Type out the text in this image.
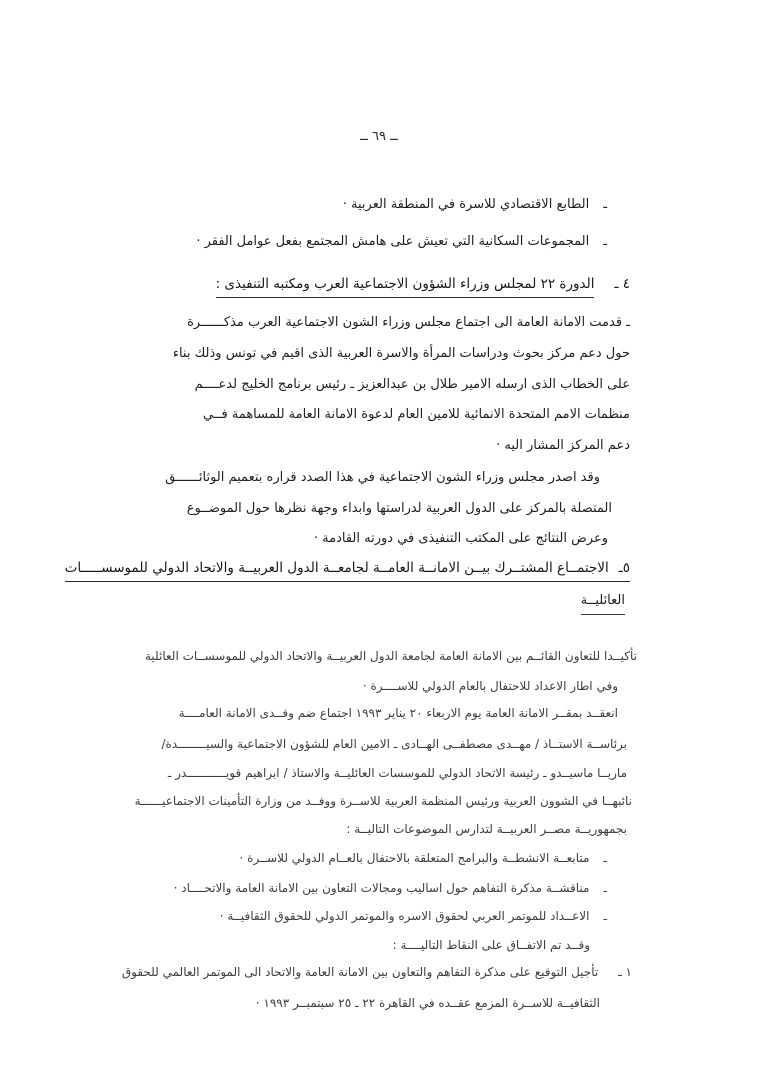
ــ ٦٩ ــ
ـ
الطابع الاقتصادي للاسرة في المنطقة العربية ·
ـ
المجموعات السكانية التي تعيش على هامش المجتمع بفعل عوامل الفقر ·
٤ ـ
الدورة ٢٢ لمجلس وزراء الشؤون الاجتماعية العرب ومكتبه التنفيذى :
ـ قدمت الامانة العامة الى اجتماع مجلس وزراء الشون الاجتماعية العرب مذكــــــرة
حول دعم مركز بحوث ودراسات المرأة والاسرة العربية الذى اقيم في تونس وذلك بناء
على الخطاب الذى ارسله الامير طلال بن عبدالعزيز ـ رئيس برنامج الخليج لدعــــم
منظمات الامم المتحدة الانمائية للامين العام لدعوة الامانة العامة للمساهمة فــي
دعم المركز المشار اليه ·
وقد اصدر مجلس وزراء الشون الاجتماعية في هذا الصدد قراره بتعميم الوثائــــــق
المتصلة بالمركز على الدول العربية لدراستها وابداء وجهة نظرها حول الموضــوع
وعرض النتائج على المكتب التنفيذى في دورته القادمة ·
٥ـ
الاجتمــاع المشتــرك بيــن الامانــة العامــة لجامعــة الدول العربيــة والاتحاد الدولي للموسســـــات
العائليــة
تأكيــدا للتعاون القائــم بين الامانة العامة لجامعة الدول العربيــة والاتحاد الدولي للموسســات العائلية
وفي اطار الاعداد للاحتفال بالعام الدولي للاســــرة ·
انعقــد بمقــر الامانة العامة يوم الاربعاء ٢٠ يناير ١٩٩٣ اجتماع ضم وفــدى الامانة العامــــة
برئاســة الاستــاذ / مهــدى مصطفــى الهــادى ـ الامين العام للشؤون الاجتماعية والسيــــــــدة/
ماريــا ماسيــدو ـ رئيسة الاتحاد الدولي للموسسات العائليــة والاستاذ / ابراهيم قويـــــــــــدر ـ
نائبهــا في الشوون العربية ورئيس المنظمة العربية للاســرة ووفــد من وزارة التأمينات الاجتماعيــــــة
بجمهوريــة مصــر العربيــة لتدارس الموضوعات التاليــة :
ـ
متابعــة الانشطــة والبرامج المتعلقة بالاحتفال بالعــام الدولي للاســرة ·
ـ
مناقشــة مذكرة التفاهم حول اساليب ومجالات التعاون بين الامانة العامة والاتحــــاد ·
ـ
الاعــداد للموتمر العربي لحقوق الاسره والموتمر الدولي للحقوق الثقافيــة ·
وقــد تم الاتفــاق على النقاط التاليــــة :
١ ـ
تأجيل التوقيع على مذكرة التفاهم والتعاون بين الامانة العامة والاتحاد الى الموتمر العالمي للحقوق
الثقافيــة للاســرة المزمع عقــده في القاهرة ٢٢ ـ ٢٥ سبتمبــر ١٩٩٣ ·
